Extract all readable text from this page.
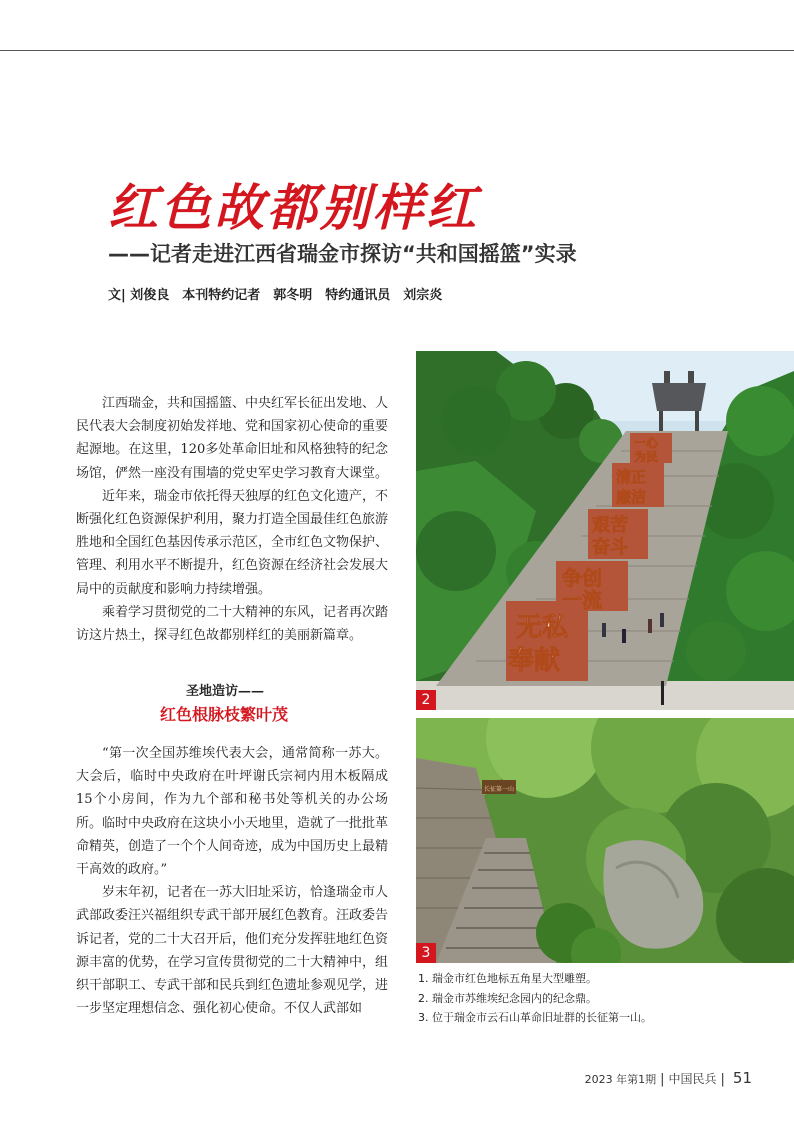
红色故都别样红
——记者走进江西省瑞金市探访“共和国摇篮”实录
文| 刘俊良　本刊特约记者　郭冬明　特约通讯员　刘宗炎

江西瑞金，共和国摇篮、中央红军长征出发地、人民代表大会制度初始发祥地、党和国家初心使命的重要起源地。在这里，120多处革命旧址和风格独特的纪念场馆，俨然一座没有围墙的党史军史学习教育大课堂。

近年来，瑞金市依托得天独厚的红色文化遗产，不断强化红色资源保护利用，聚力打造全国最佳红色旅游胜地和全国红色基因传承示范区，全市红色文物保护、管理、利用水平不断提升，红色资源在经济社会发展大局中的贡献度和影响力持续增强。

乘着学习贯彻党的二十大精神的东风，记者再次踏访这片热土，探寻红色故都别样红的美丽新篇章。

圣地造访——
红色根脉枝繁叶茂

“第一次全国苏维埃代表大会，通常简称一苏大。大会后，临时中央政府在叶坪谢氏宗祠内用木板隔成15个小房间，作为九个部和秘书处等机关的办公场所。临时中央政府在这块小小天地里，造就了一批批革命精英，创造了一个个人间奇迹，成为中国历史上最精干高效的政府。”

岁末年初，记者在一苏大旧址采访，恰逢瑞金市人武部政委汪兴福组织专武干部开展红色教育。汪政委告诉记者，党的二十大召开后，他们充分发挥驻地红色资源丰富的优势，在学习宣传贯彻党的二十大精神中，组织干部职工、专武干部和民兵到红色遗址参观见学，进一步坚定理想信念、强化初心使命。不仅人武部如

无私
奉献
争创
一流
艰苦
奋斗
清正
廉洁
一心
为民
2
长征第一山
3
1. 瑞金市红色地标五角星大型雕塑。
2. 瑞金市苏维埃纪念园内的纪念鼎。
3. 位于瑞金市云石山革命旧址群的长征第一山。
2023 年第1期 | 中国民兵 | 51
